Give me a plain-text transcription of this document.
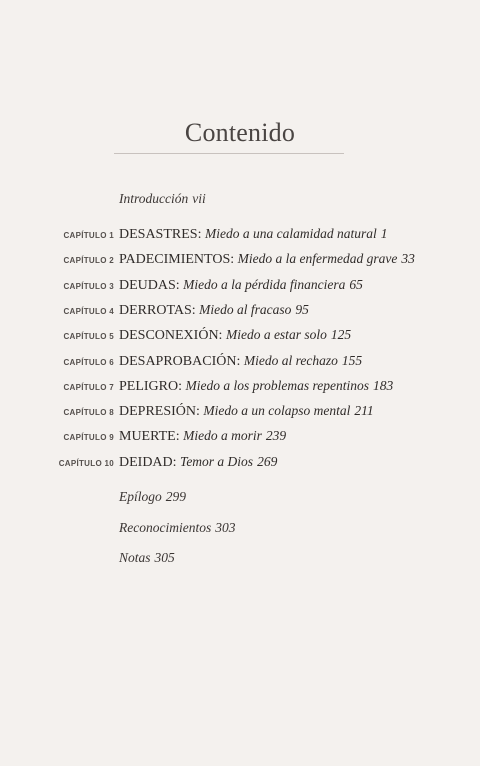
Contenido
Introducción vii
CAPÍTULO 1 DESASTRES: Miedo a una calamidad natural 1
CAPÍTULO 2 PADECIMIENTOS: Miedo a la enfermedad grave 33
CAPÍTULO 3 DEUDAS: Miedo a la pérdida financiera 65
CAPÍTULO 4 DERROTAS: Miedo al fracaso 95
CAPÍTULO 5 DESCONEXIÓN: Miedo a estar solo 125
CAPÍTULO 6 DESAPROBACIÓN: Miedo al rechazo 155
CAPÍTULO 7 PELIGRO: Miedo a los problemas repentinos 183
CAPÍTULO 8 DEPRESIÓN: Miedo a un colapso mental 211
CAPÍTULO 9 MUERTE: Miedo a morir 239
CAPÍTULO 10 DEIDAD: Temor a Dios 269
Epílogo 299
Reconocimientos 303
Notas 305
